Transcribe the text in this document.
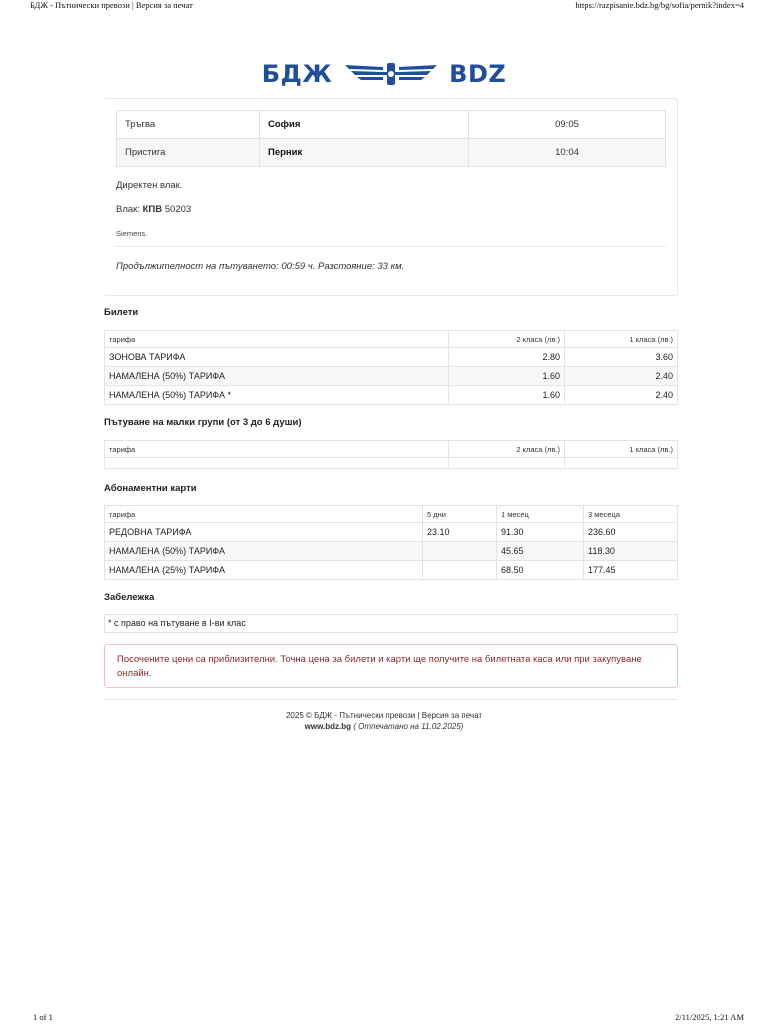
БДЖ - Пътнически превози | Версия за печат	https://razpisanie.bdz.bg/bg/sofia/pernik?index=4
БДЖ	BDZ
Тръгва	София	09:05
Пристига	Перник	10:04
Директен влак.
Влак: КПВ 50203
Siemens.
Продължителност на пътуването: 00:59 ч. Разстояние: 33 км.
Билети
тарифа	2 класа (лв.)	1 класа (лв.)
ЗОНОВА ТАРИФА	2.80	3.60
НАМАЛЕНА (50%) ТАРИФА	1.60	2.40
НАМАЛЕНА (50%) ТАРИФА *	1.60	2.40
Пътуване на малки групи (от 3 до 6 души)
тарифа	2 класа (лв.)	1 класа (лв.)

Абонаментни карти
тарифа	5 дни	1 месец	3 месеца
РЕДОВНА ТАРИФА	23.10	91.30	236.60
НАМАЛЕНА (50%) ТАРИФА		45.65	118.30
НАМАЛЕНА (25%) ТАРИФА		68.50	177.45
Забележка
* с право на пътуване в I-ви клас
Посочените цени са приблизителни. Точна цена за билети и карти ще получите на билетната каса или при закупуване онлайн.
2025 © БДЖ - Пътнически превози | Версия за печат
www.bdz.bg ( Отпечатано на 11.02.2025)
1 of 1	2/11/2025, 1:21 AM
